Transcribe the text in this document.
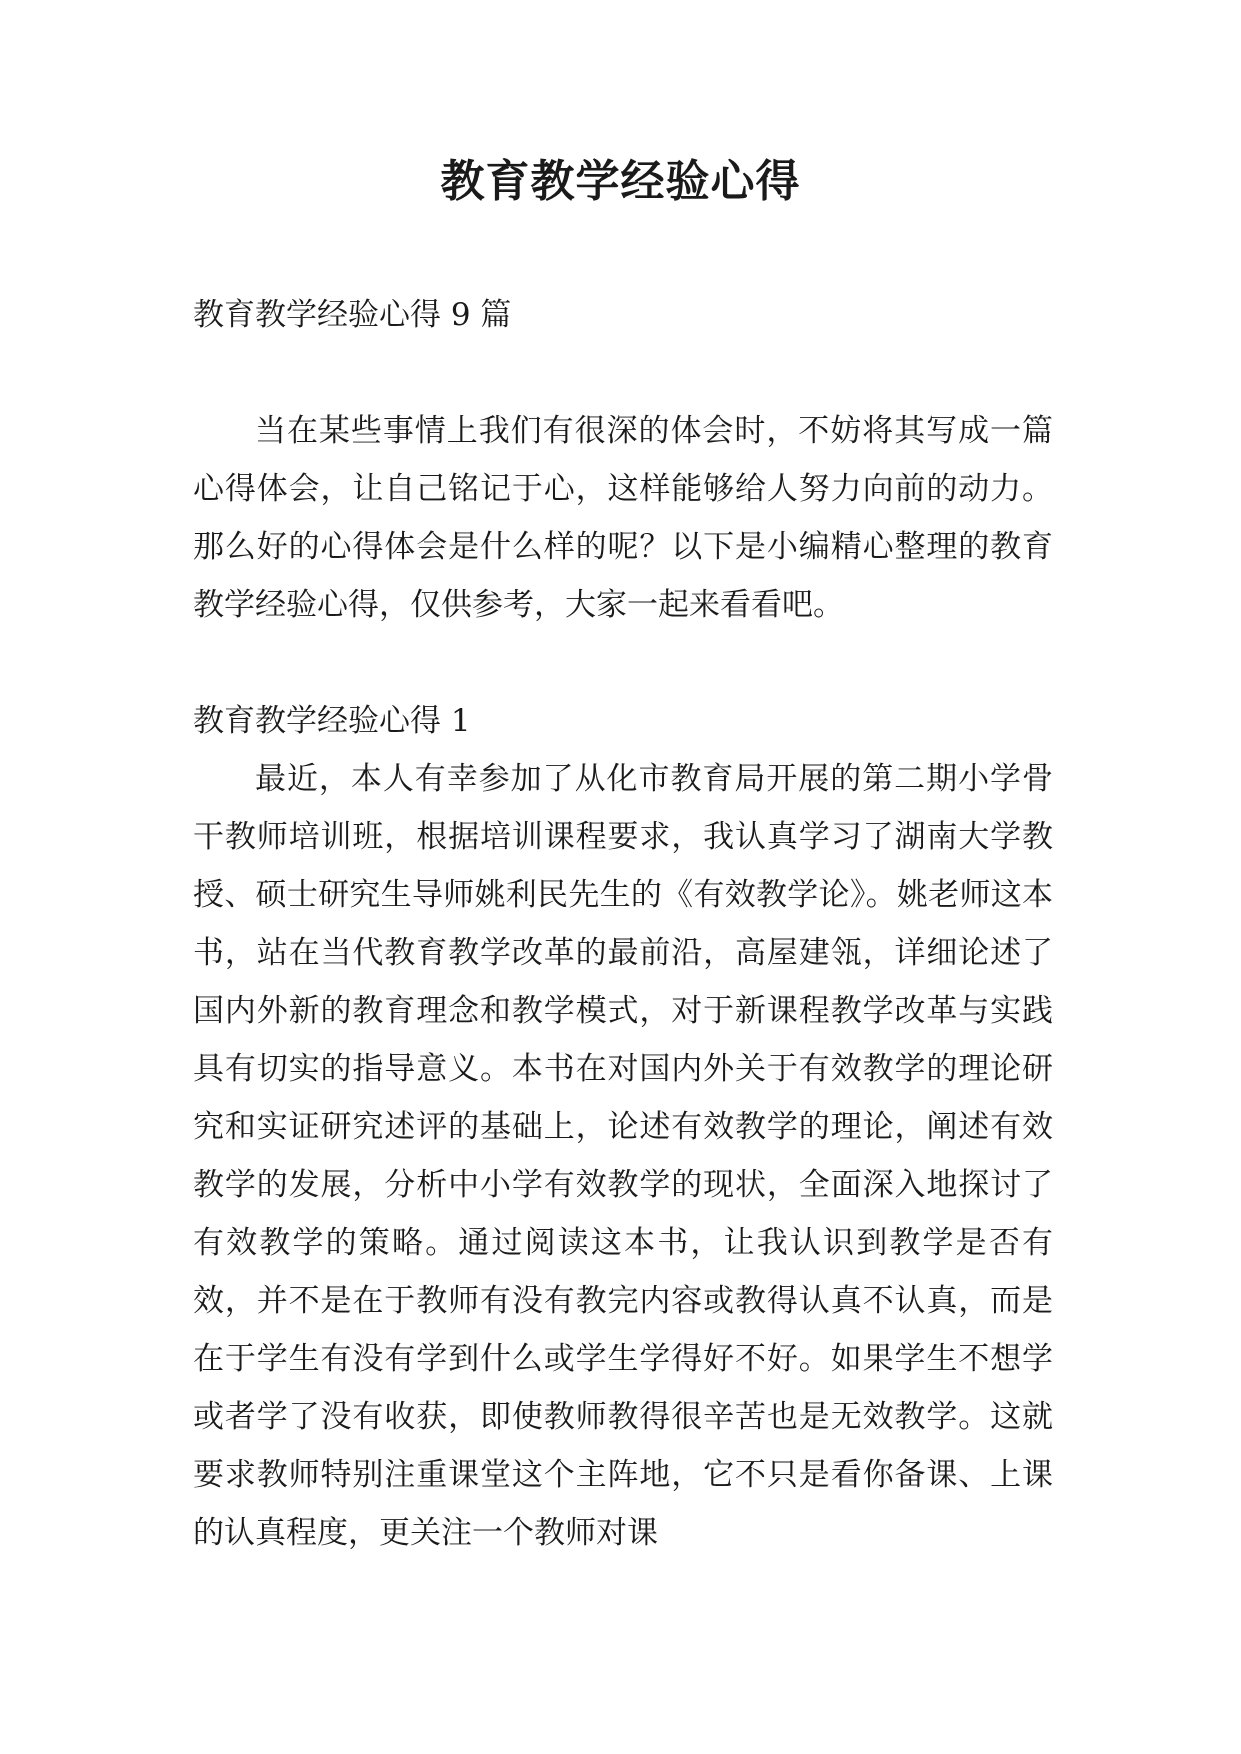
教育教学经验心得

教育教学经验心得 9 篇

当在某些事情上我们有很深的体会时，不妨将其写成一篇心得体会，让自己铭记于心，这样能够给人努力向前的动力。那么好的心得体会是什么样的呢？以下是小编精心整理的教育教学经验心得，仅供参考，大家一起来看看吧。

教育教学经验心得 1

最近，本人有幸参加了从化市教育局开展的第二期小学骨干教师培训班，根据培训课程要求，我认真学习了湖南大学教授、硕士研究生导师姚利民先生的《有效教学论》。姚老师这本书，站在当代教育教学改革的最前沿，高屋建瓴，详细论述了国内外新的教育理念和教学模式，对于新课程教学改革与实践具有切实的指导意义。本书在对国内外关于有效教学的理论研究和实证研究述评的基础上，论述有效教学的理论，阐述有效教学的发展，分析中小学有效教学的现状，全面深入地探讨了有效教学的策略。通过阅读这本书，让我认识到教学是否有效，并不是在于教师有没有教完内容或教得认真不认真，而是在于学生有没有学到什么或学生学得好不好。如果学生不想学或者学了没有收获，即使教师教得很辛苦也是无效教学。这就要求教师特别注重课堂这个主阵地，它不只是看你备课、上课的认真程度，更关注一个教师对课
